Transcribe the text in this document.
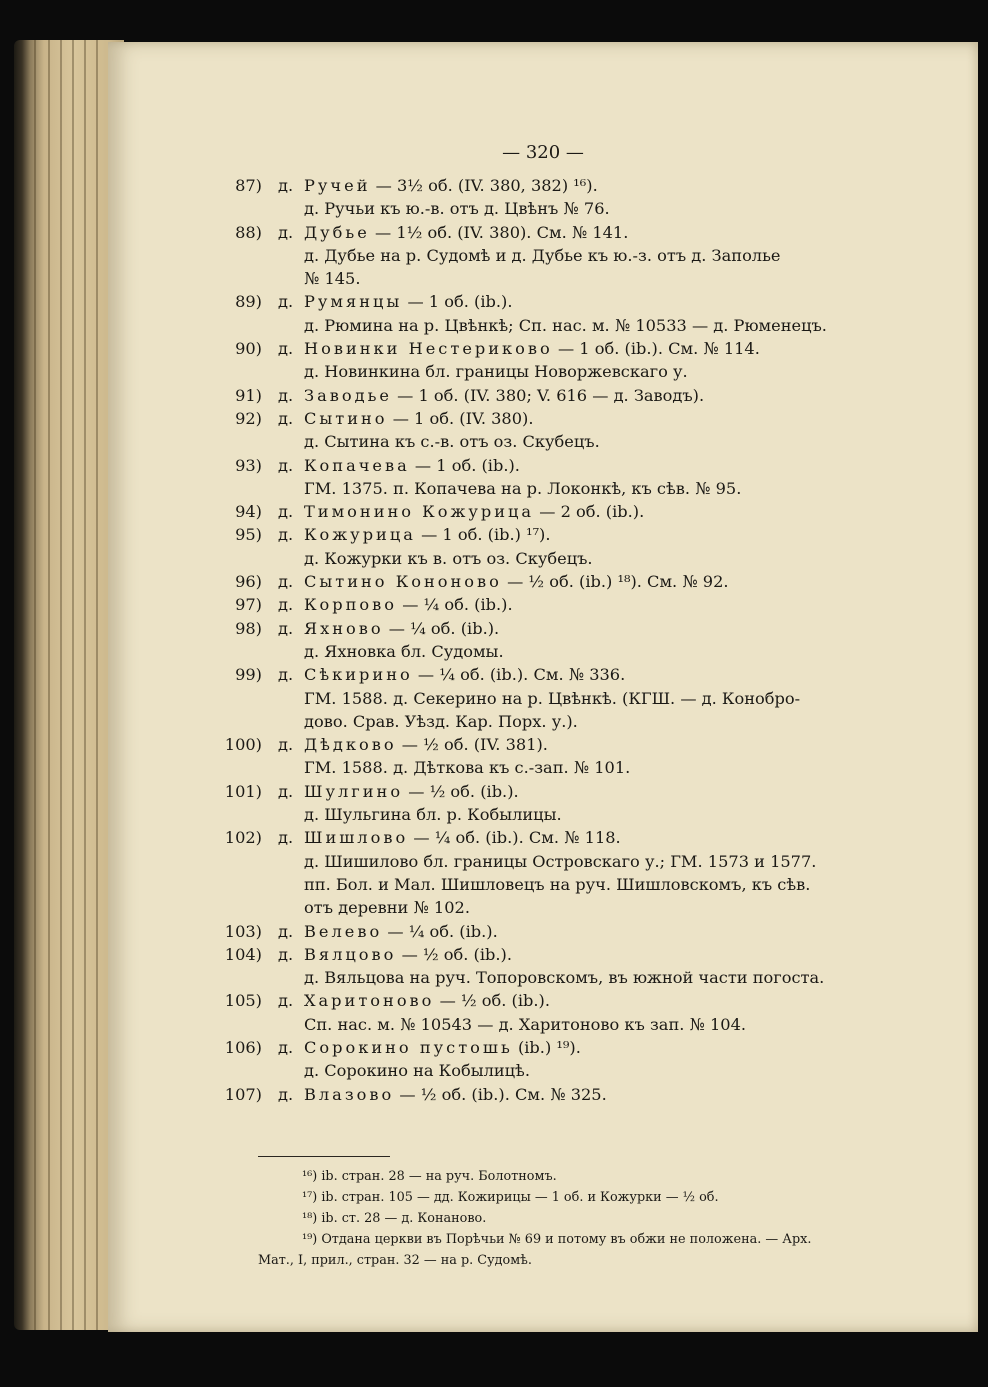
— 320 —
87) д. Ручей — 3½ об. (IV. 380, 382) ¹⁶).
д. Ручьи къ ю.-в. отъ д. Цвѣнъ № 76.
88) д. Дубье — 1½ об. (IV. 380). См. № 141.
д. Дубье на р. Судомѣ и д. Дубье къ ю.-з. отъ д. Заполье
№ 145.
89) д. Румянцы — 1 об. (ib.).
д. Рюмина на р. Цвѣнкѣ; Сп. нас. м. № 10533 — д. Рюменецъ.
90) д. Новинки Нестериково — 1 об. (ib.). См. № 114.
д. Новинкина бл. границы Новоржевскаго у.
91) д. Заводье — 1 об. (IV. 380; V. 616 — д. Заводъ).
92) д. Сытино — 1 об. (IV. 380).
д. Сытина къ с.-в. отъ оз. Скубецъ.
93) д. Копачева — 1 об. (ib.).
ГМ. 1375. п. Копачева на р. Локонкѣ, къ сѣв. № 95.
94) д. Тимонино Кожурица — 2 об. (ib.).
95) д. Кожурица — 1 об. (ib.) ¹⁷).
д. Кожурки къ в. отъ оз. Скубецъ.
96) д. Сытино Кононово — ½ об. (ib.) ¹⁸). См. № 92.
97) д. Корпово — ¼ об. (ib.).
98) д. Яхново — ¼ об. (ib.).
д. Яхновка бл. Судомы.
99) д. Сѣкирино — ¼ об. (ib.). См. № 336.
ГМ. 1588. д. Секерино на р. Цвѣнкѣ. (КГШ. — д. Конобро-
дово. Срав. Уѣзд. Кар. Порх. у.).
100) д. Дѣдково — ½ об. (IV. 381).
ГМ. 1588. д. Дѣткова къ с.-зап. № 101.
101) д. Шулгино — ½ об. (ib.).
д. Шульгина бл. р. Кобылицы.
102) д. Шишлово — ¼ об. (ib.). См. № 118.
д. Шишилово бл. границы Островскаго у.; ГМ. 1573 и 1577.
пп. Бол. и Мал. Шишловецъ на руч. Шишловскомъ, къ сѣв.
отъ деревни № 102.
103) д. Велево — ¼ об. (ib.).
104) д. Вялцово — ½ об. (ib.).
д. Вяльцова на руч. Топоровскомъ, въ южной части погоста.
105) д. Харитоново — ½ об. (ib.).
Сп. нас. м. № 10543 — д. Харитоново къ зап. № 104.
106) д. Сорокино пустошь (ib.) ¹⁹).
д. Сорокино на Кобылицѣ.
107) д. Влазово — ½ об. (ib.). См. № 325.
¹⁶) ib. стран. 28 — на руч. Болотномъ.
¹⁷) ib. стран. 105 — дд. Кожирицы — 1 об. и Кожурки — ½ об.
¹⁸) ib. ст. 28 — д. Конаново.
¹⁹) Отдана церкви въ Порѣчьи № 69 и потому въ обжи не положена. — Арх.
Мат., I, прил., стран. 32 — на р. Судомѣ.
